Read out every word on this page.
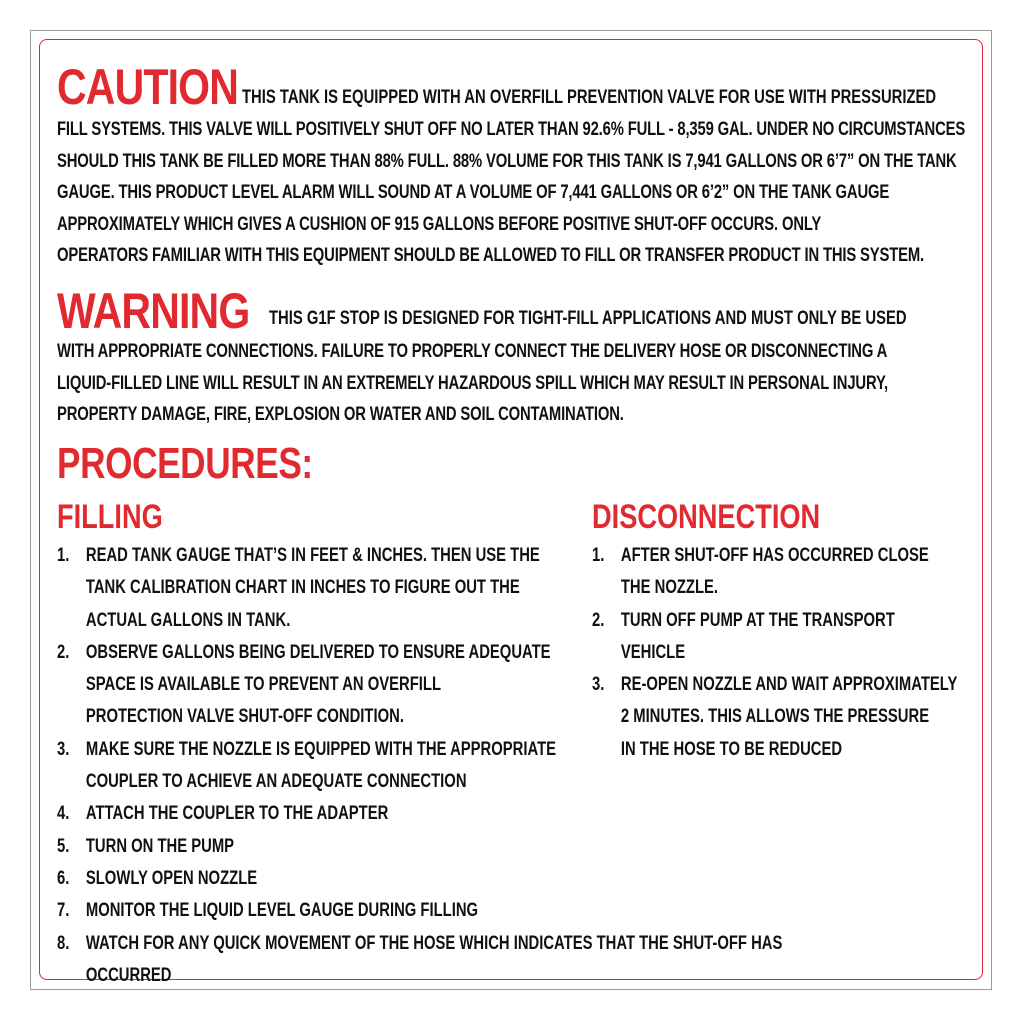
CAUTION THIS TANK IS EQUIPPED WITH AN OVERFILL PREVENTION VALVE FOR USE WITH PRESSURIZED
FILL SYSTEMS. THIS VALVE WILL POSITIVELY SHUT OFF NO LATER THAN 92.6% FULL - 8,359 GAL. UNDER NO CIRCUMSTANCES
SHOULD THIS TANK BE FILLED MORE THAN 88% FULL. 88% VOLUME FOR THIS TANK IS 7,941 GALLONS OR 6’7” ON THE TANK
GAUGE. THIS PRODUCT LEVEL ALARM WILL SOUND AT A VOLUME OF 7,441 GALLONS OR 6’2” ON THE TANK GAUGE
APPROXIMATELY WHICH GIVES A CUSHION OF 915 GALLONS BEFORE POSITIVE SHUT-OFF OCCURS. ONLY
OPERATORS FAMILIAR WITH THIS EQUIPMENT SHOULD BE ALLOWED TO FILL OR TRANSFER PRODUCT IN THIS SYSTEM.
WARNING	THIS G1F STOP IS DESIGNED FOR TIGHT-FILL APPLICATIONS AND MUST ONLY BE USED
WITH APPROPRIATE CONNECTIONS. FAILURE TO PROPERLY CONNECT THE DELIVERY HOSE OR DISCONNECTING A
LIQUID-FILLED LINE WILL RESULT IN AN EXTREMELY HAZARDOUS SPILL WHICH MAY RESULT IN PERSONAL INJURY,
PROPERTY DAMAGE, FIRE, EXPLOSION OR WATER AND SOIL CONTAMINATION.
PROCEDURES:
FILLING	DISCONNECTION
1. READ TANK GAUGE THAT’S IN FEET & INCHES. THEN USE THE
TANK CALIBRATION CHART IN INCHES TO FIGURE OUT THE
ACTUAL GALLONS IN TANK.
2. OBSERVE GALLONS BEING DELIVERED TO ENSURE ADEQUATE
SPACE IS AVAILABLE TO PREVENT AN OVERFILL
PROTECTION VALVE SHUT-OFF CONDITION.
3. MAKE SURE THE NOZZLE IS EQUIPPED WITH THE APPROPRIATE
COUPLER TO ACHIEVE AN ADEQUATE CONNECTION
4. ATTACH THE COUPLER TO THE ADAPTER
5. TURN ON THE PUMP
6. SLOWLY OPEN NOZZLE
7. MONITOR THE LIQUID LEVEL GAUGE DURING FILLING
8. WATCH FOR ANY QUICK MOVEMENT OF THE HOSE WHICH INDICATES THAT THE SHUT-OFF HAS OCCURRED
1. AFTER SHUT-OFF HAS OCCURRED CLOSE
THE NOZZLE.
2. TURN OFF PUMP AT THE TRANSPORT
VEHICLE
3. RE-OPEN NOZZLE AND WAIT APPROXIMATELY
2 MINUTES. THIS ALLOWS THE PRESSURE
IN THE HOSE TO BE REDUCED
